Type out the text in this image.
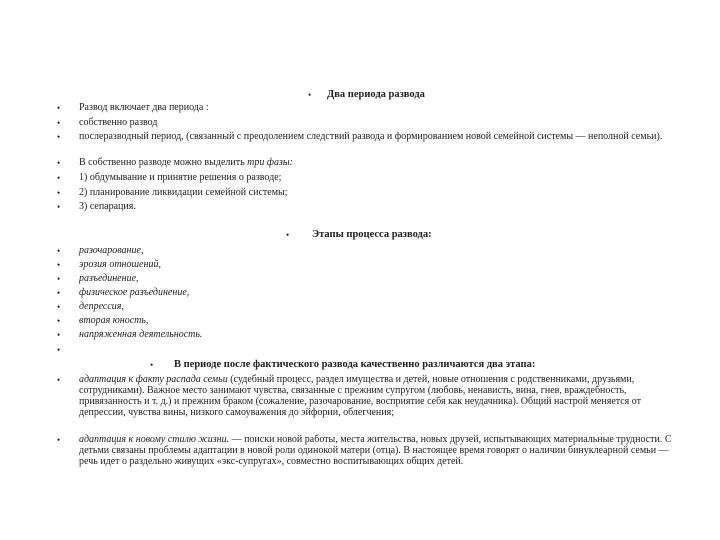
• Два периода развода
• Развод включает два периода :
• собственно развод
• послеразводный период, (связанный с преодолением следствий развода и формированием новой семейной системы — неполной семьи).
• В собственно разводе можно выделить три фазы:
• 1) обдумывание и принятие решения о разводе;
• 2) планирование ликвидации семейной системы;
• 3) сепарация.
• Этапы процесса развода:
• разочарование,
• эрозия отношений,
• разъединение,
• физическое разъединение,
• депрессия,
• вторая юность,
• напряженная деятельность.
•
• В периоде после фактического развода качественно различаются два этапа:
• адаптация к факту распада семьи (судебный процесс, раздел имущества и детей, новые отношения с родственниками, друзьями, сотрудниками). Важное место занимают чувства, связанные с прежним супругом (любовь, ненависть, вина, гнев, враждебность, привязанность и т. д.) и прежним браком (сожаление, разочарование, восприятие себя как неудачника). Общий настрой меняется от депрессии, чувства вины, низкого самоуважения до эйфории, облегчения;
• адаптация к новому стилю жизни. — поиски новой работы, места жительства, новых друзей, испытывающих материальные трудности. С детьми связаны проблемы адаптации в новой роли одинокой матери (отца). В настоящее время говорят о наличии бинуклеарной семьи — речь идет о раздельно живущих «экс-супругах», совместно воспитывающих общих детей.
